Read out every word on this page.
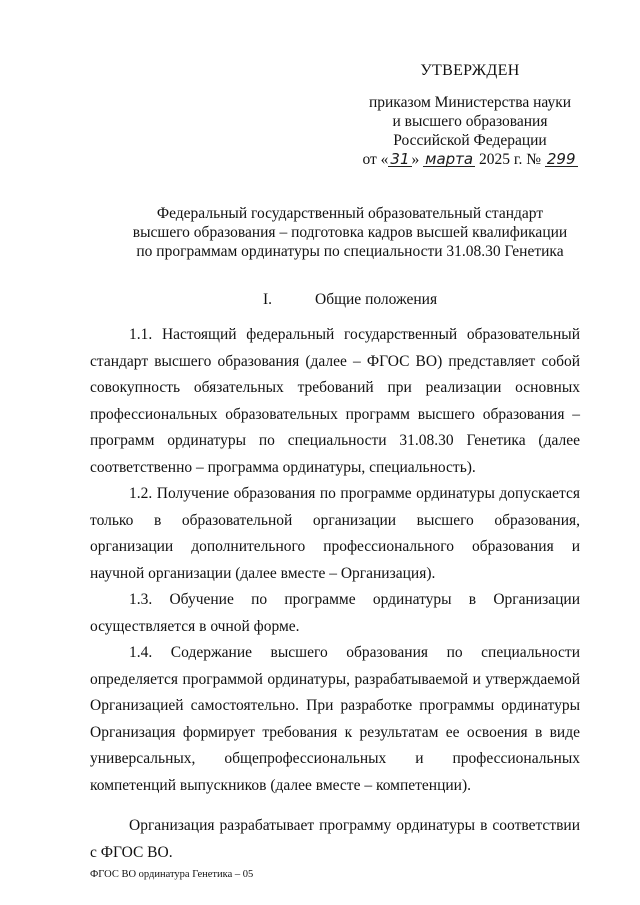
УТВЕРЖДЕН
приказом Министерства науки
и высшего образования
Российской Федерации
от « 31 » марта 2025 г. № 299
Федеральный государственный образовательный стандарт
высшего образования – подготовка кадров высшей квалификации
по программам ординатуры по специальности 31.08.30 Генетика
I.	Общие положения

1.1. Настоящий федеральный государственный образовательный стандарт высшего образования (далее – ФГОС ВО) представляет собой совокупность обязательных требований при реализации основных профессиональных образовательных программ высшего образования – программ ординатуры по специальности 31.08.30 Генетика (далее соответственно – программа ординатуры, специальность).

1.2. Получение образования по программе ординатуры допускается только в образовательной организации высшего образования, организации дополнительного профессионального образования и научной организации (далее вместе – Организация).

1.3. Обучение по программе ординатуры в Организации осуществляется в очной форме.

1.4. Содержание высшего образования по специальности определяется программой ординатуры, разрабатываемой и утверждаемой Организацией самостоятельно. При разработке программы ординатуры Организация формирует требования к результатам ее освоения в виде универсальных, общепрофессиональных и профессиональных компетенций выпускников (далее вместе – компетенции).

Организация разрабатывает программу ординатуры в соответствии с ФГОС ВО.

ФГОС ВО ординатура Генетика – 05
